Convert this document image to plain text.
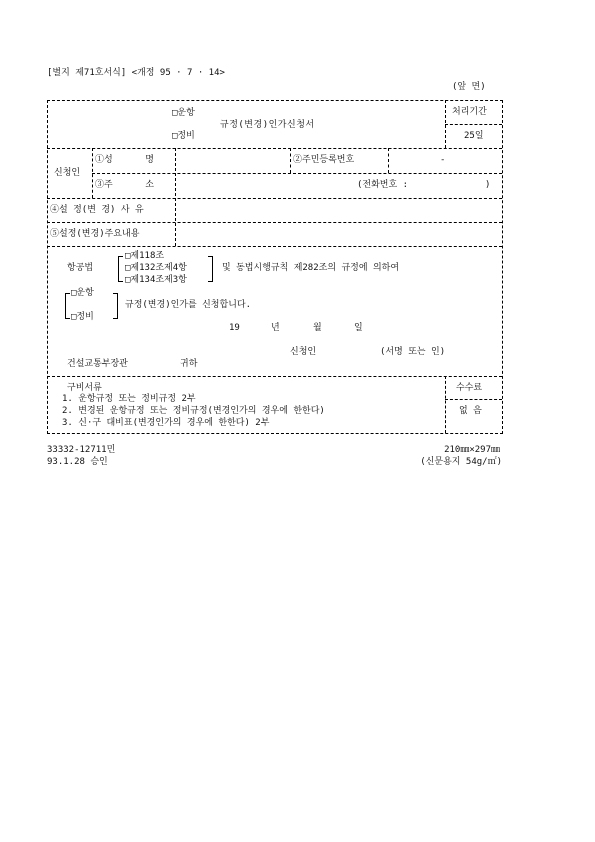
[별지 제71호서식] <개정 95 · 7 · 14>
(앞 면)
□운항
규정(변경)인가신청서
□정비
처리기간
25일
신청인
①성      명	②주민등록번호	-
③주      소	(전화번호 :	)
④설 정(변 경) 사 유
⑤설정(변경)주요내용
항공법
□제118조
□제132조제4항
□제134조제3항
및 동법시행규칙 제282조의 규정에 의하여
□운항
□정비
규정(변경)인가를 신청합니다.
19	년	월	일
신청인	(서명 또는 인)
건설교통부장관	귀하
구비서류
1. 운항규정 또는 정비규정 2부
2. 변경된 운항규정 또는 정비규정(변경인가의 경우에 한한다)
3. 신·구 대비표(변경인가의 경우에 한한다) 2부
수수료
없 음
33332-12711민
93.1.28 승인
210㎜×297㎜
(신문용지 54g/㎡)
